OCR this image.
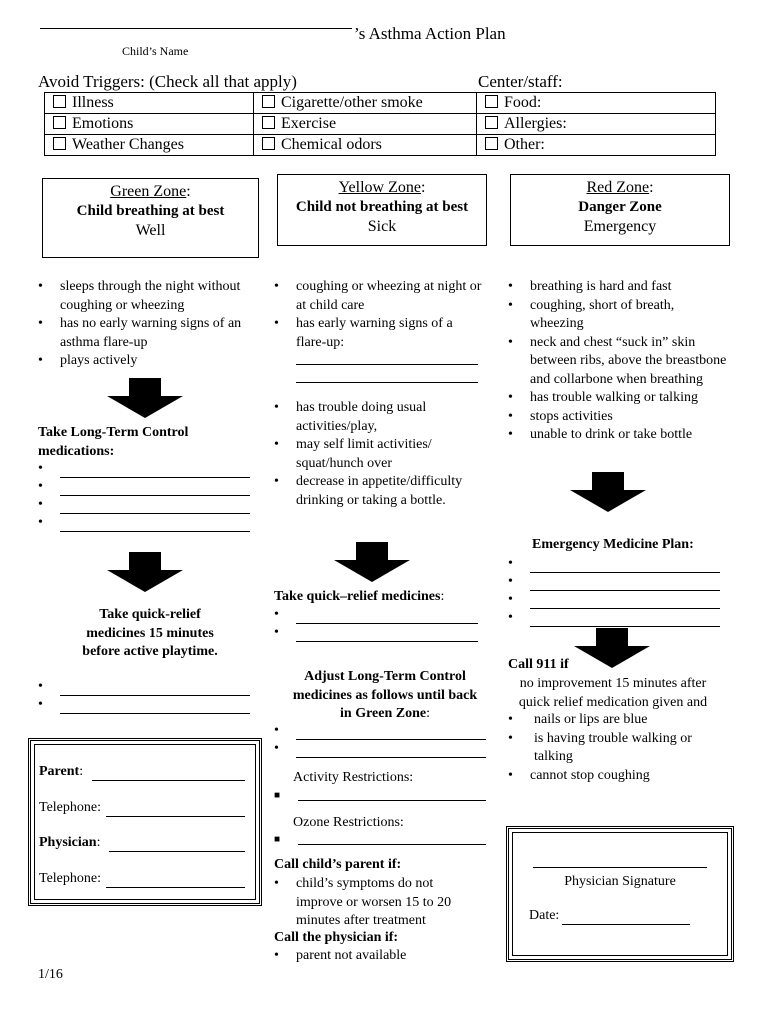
’s Asthma Action Plan
Child’s Name
Avoid Triggers: (Check all that apply)	Center/staff:
Illness	Cigarette/other smoke	Food:
Emotions	Exercise	Allergies:
Weather Changes	Chemical odors	Other:
Green Zone:
Child breathing at best
Well
Yellow Zone:
Child not breathing at best
Sick
Red Zone:
Danger Zone
Emergency
• sleeps through the night without coughing or wheezing
• has no early warning signs of an asthma flare-up
• plays actively
Take Long-Term Control medications:
•
•
•
•
Take quick-relief medicines 15 minutes before active playtime.
•
•
Parent:
Telephone:
Physician:
Telephone:
• coughing or wheezing at night or at child care
• has early warning signs of a flare-up:
• has trouble doing usual activities/play,
• may self limit activities/ squat/hunch over
• decrease in appetite/difficulty drinking or taking a bottle.
Take quick–relief medicines:
•
•
Adjust Long-Term Control medicines as follows until back in Green Zone:
•
•
Activity Restrictions:
■
Ozone Restrictions:
■
Call child’s parent if:
• child’s symptoms do not improve or worsen 15 to 20 minutes after treatment
Call the physician if:
• parent not available
• breathing is hard and fast
• coughing, short of breath, wheezing
• neck and chest “suck in” skin between ribs, above the breastbone and collarbone when breathing
• has trouble walking or talking
• stops activities
• unable to drink or take bottle
Emergency Medicine Plan:
•
•
•
•
Call 911 if
no improvement 15 minutes after quick relief medication given and
• nails or lips are blue
• is having trouble walking or talking
• cannot stop coughing
Physician Signature
Date:
1/16
